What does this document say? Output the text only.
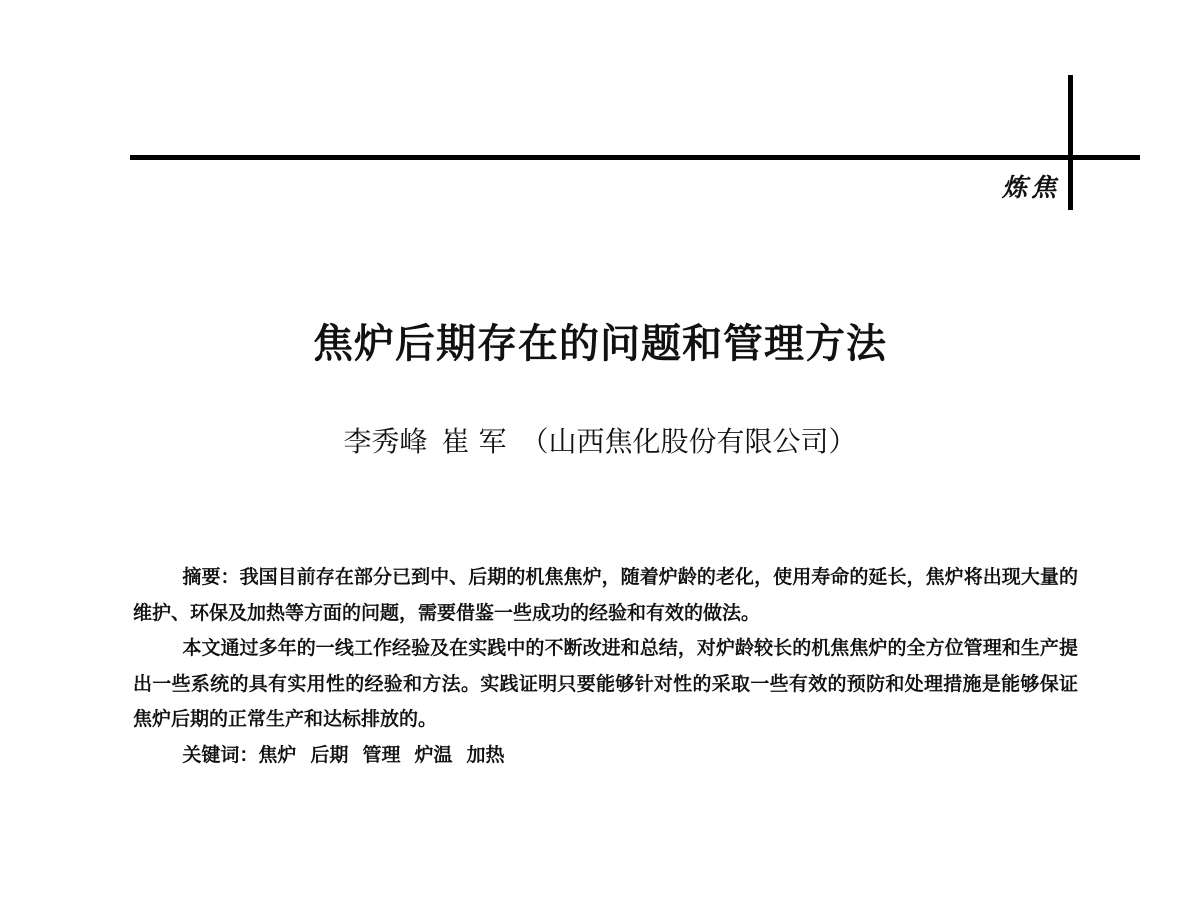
炼焦
焦炉后期存在的问题和管理方法
李秀峰 崔 军 （山西焦化股份有限公司）

摘要：我国目前存在部分已到中、后期的机焦焦炉，随着炉龄的老化，使用寿命的延长，焦炉将出现大量的维护、环保及加热等方面的问题，需要借鉴一些成功的经验和有效的做法。

本文通过多年的一线工作经验及在实践中的不断改进和总结，对炉龄较长的机焦焦炉的全方位管理和生产提出一些系统的具有实用性的经验和方法。实践证明只要能够针对性的采取一些有效的预防和处理措施是能够保证焦炉后期的正常生产和达标排放的。

关键词：焦炉 后期 管理 炉温 加热
